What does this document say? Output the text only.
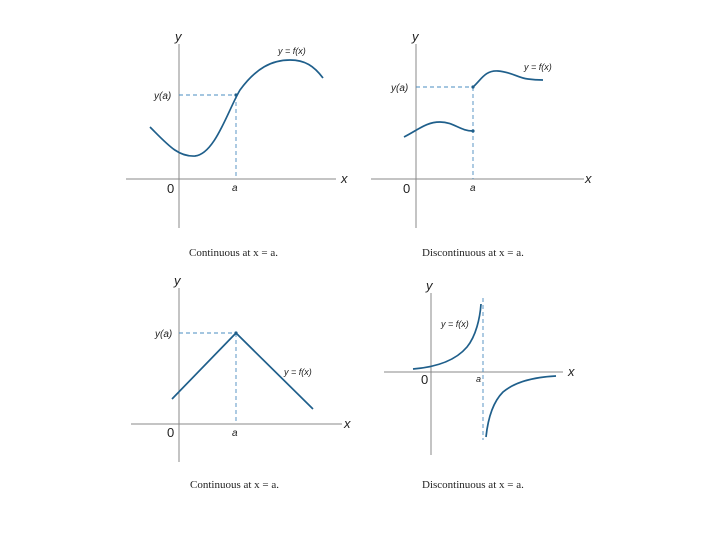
y
x
0	a
y(a)
y = f(x)
Continuous at x = a.
y
x
0	a
y(a)
y = f(x)
Discontinuous at x = a.
y
x
0	a
y(a)
y = f(x)
Continuous at x = a.
y
x
0	a
y = f(x)
Discontinuous at x = a.
